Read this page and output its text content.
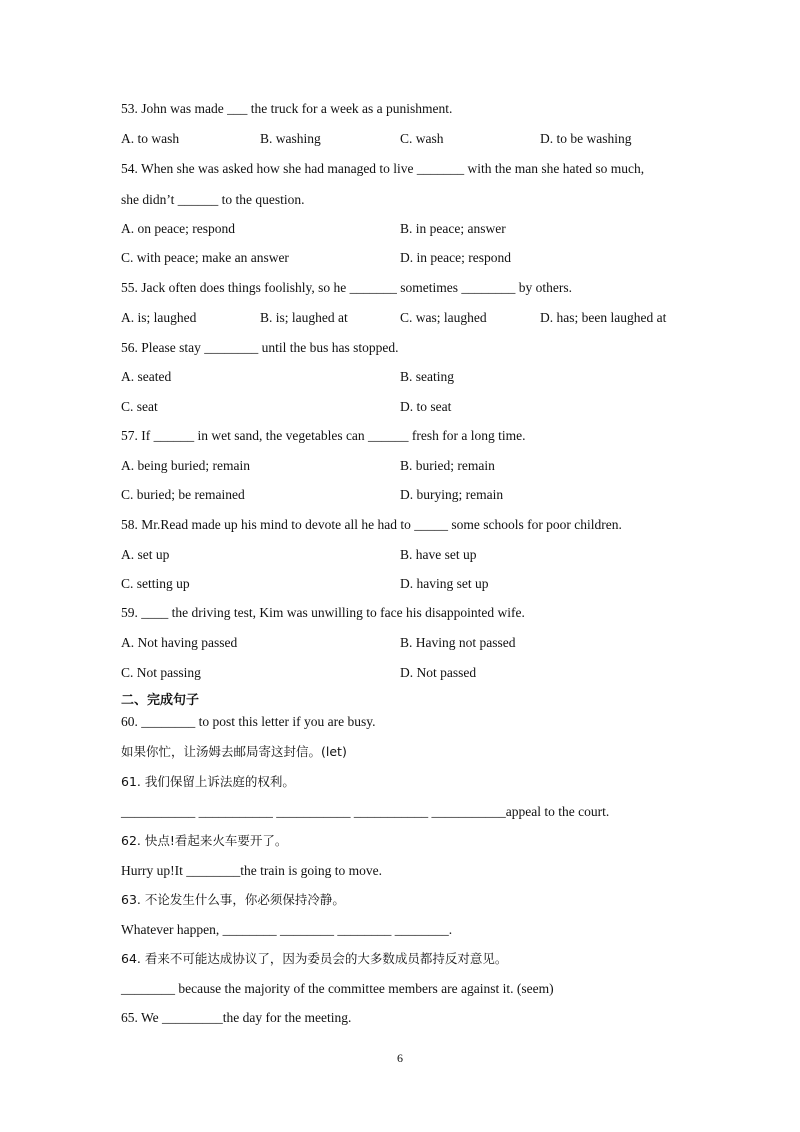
53. John was made ___ the truck for a week as a punishment.
A. to wash	B. washing	C. wash	D. to be washing
54. When she was asked how she had managed to live _______ with the man she hated so much,
she didn’t ______ to the question.
A. on peace; respond	B. in peace; answer
C. with peace; make an answer	D. in peace; respond
55. Jack often does things foolishly, so he _______ sometimes ________ by others.
A. is; laughed	B. is; laughed at	C. was; laughed	D. has; been laughed at
56. Please stay ________ until the bus has stopped.
A. seated	B. seating
C. seat	D. to seat
57. If ______ in wet sand, the vegetables can ______ fresh for a long time.
A. being buried; remain	B. buried; remain
C. buried; be remained	D. burying; remain
58. Mr.Read made up his mind to devote all he had to _____ some schools for poor children.
A. set up	B. have set up
C. setting up	D. having set up
59. ____ the driving test, Kim was unwilling to face his disappointed wife.
A. Not having passed	B. Having not passed
C. Not passing	D. Not passed
二、完成句子
60. ________ to post this letter if you are busy.
如果你忙，让汤姆去邮局寄这封信。(let)
61. 我们保留上诉法庭的权利。
___________ ___________ ___________ ___________ ___________appeal to the court.
62. 快点!看起来火车要开了。
Hurry up!It ________the train is going to move.
63. 不论发生什么事，你必须保持冷静。
Whatever happen, ________ ________ ________ ________.
64. 看来不可能达成协议了，因为委员会的大多数成员都持反对意见。
________ because the majority of the committee members are against it. (seem)
65. We _________the day for the meeting.
6
